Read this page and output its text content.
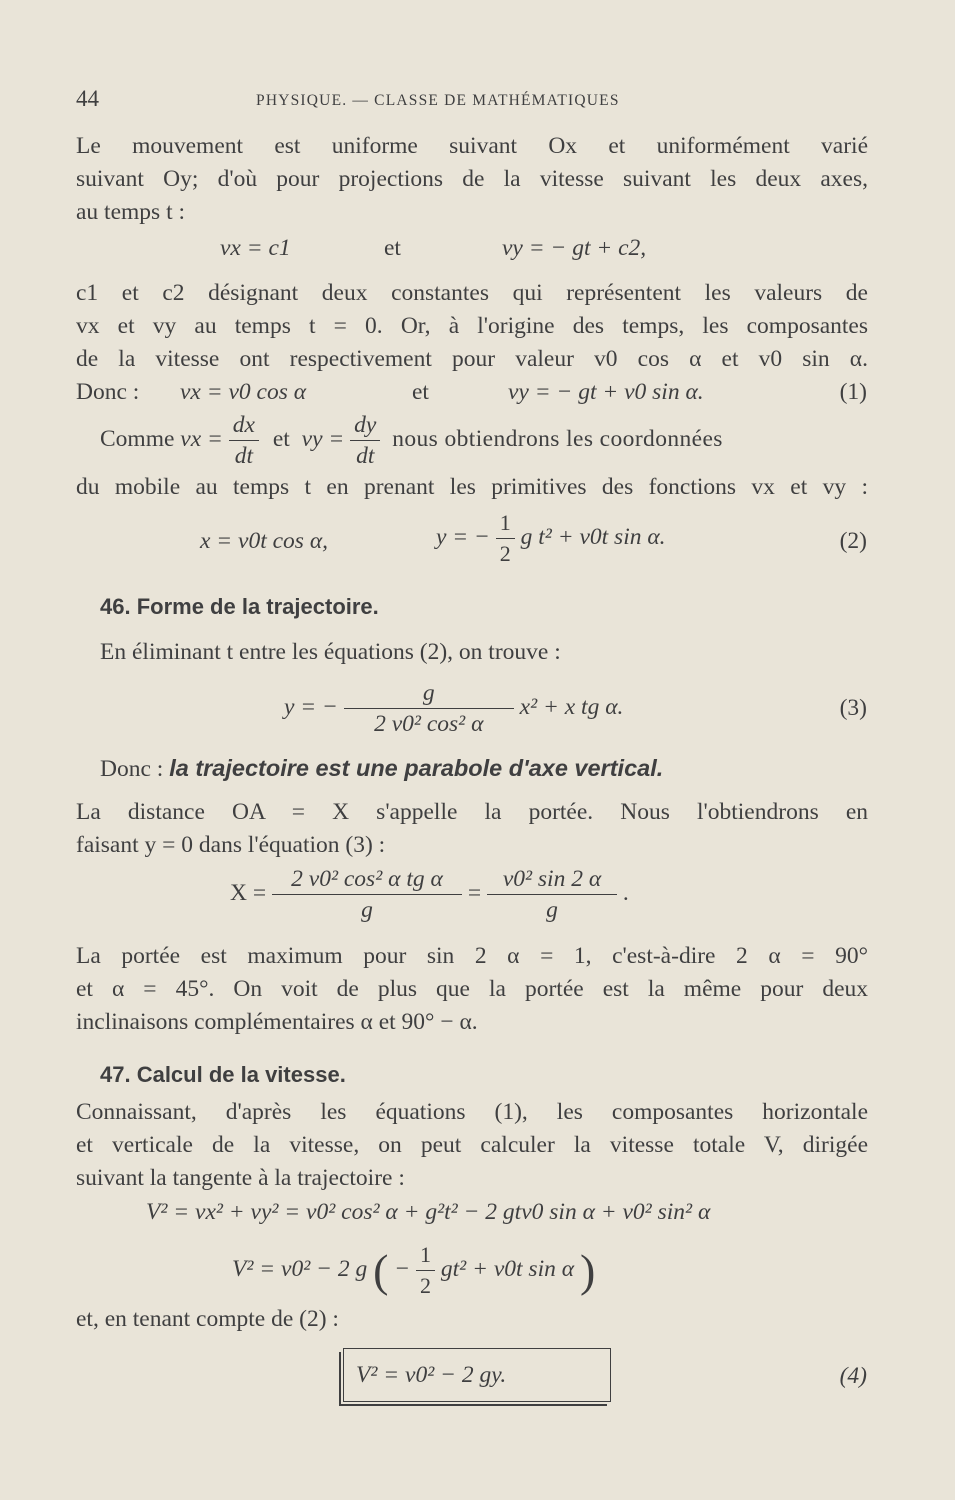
44	PHYSIQUE. — CLASSE DE MATHÉMATIQUES
Le mouvement est uniforme suivant Ox et uniformément varié
suivant Oy; d'où pour projections de la vitesse suivant les deux axes,
au temps t :
vx = c1	et	vy = − gt + c2,
c1 et c2 désignant deux constantes qui représentent les valeurs de
vx et vy au temps t = 0. Or, à l'origine des temps, les composantes
de la vitesse ont respectivement pour valeur v0 cos α et v0 sin α.
Donc : vx = v0 cos α	et	vy = − gt + v0 sin α.	(1)
Comme vx = $\frac{dx}{dt}$ et vy = $\frac{dy}{dt}$ nous obtiendrons les coordonnées
du mobile au temps t en prenant les primitives des fonctions vx et vy :
x = v0t cos α,	y = − $\frac{1}{2}$ g t² + v0t sin α.	(2)
46. Forme de la trajectoire.
En éliminant t entre les équations (2), on trouve :
y = − $\frac{g}{\text{2 v0² cos² α}} x^2 + x$ tg α.	(3)
Donc : la trajectoire est une parabole d'axe vertical.
La distance OA = X s'appelle la portée. Nous l'obtiendrons en
faisant y = 0 dans l'équation (3) :
$X = \frac{\text{2 v0² cos² α tg α}}{g} = \frac{\text{v0² sin 2 α}}{g}$ .
La portée est maximum pour sin 2 α = 1, c'est-à-dire 2 α = 90°
et α = 45°. On voit de plus que la portée est la même pour deux
inclinaisons complémentaires α et 90° − α.
47. Calcul de la vitesse.
Connaissant, d'après les équations (1), les composantes horizontale
et verticale de la vitesse, on peut calculer la vitesse totale V, dirigée
suivant la tangente à la trajectoire :
V² = vx² + vy² = v0² cos² α + g²t² − 2 gtv0 sin α + v0² sin² α
V² = v0² − 2 g ( − $\frac{1}{2} gt^2 + v0t$ sin α )
et, en tenant compte de (2) :
V² = v0² − 2 gy.	(4)
